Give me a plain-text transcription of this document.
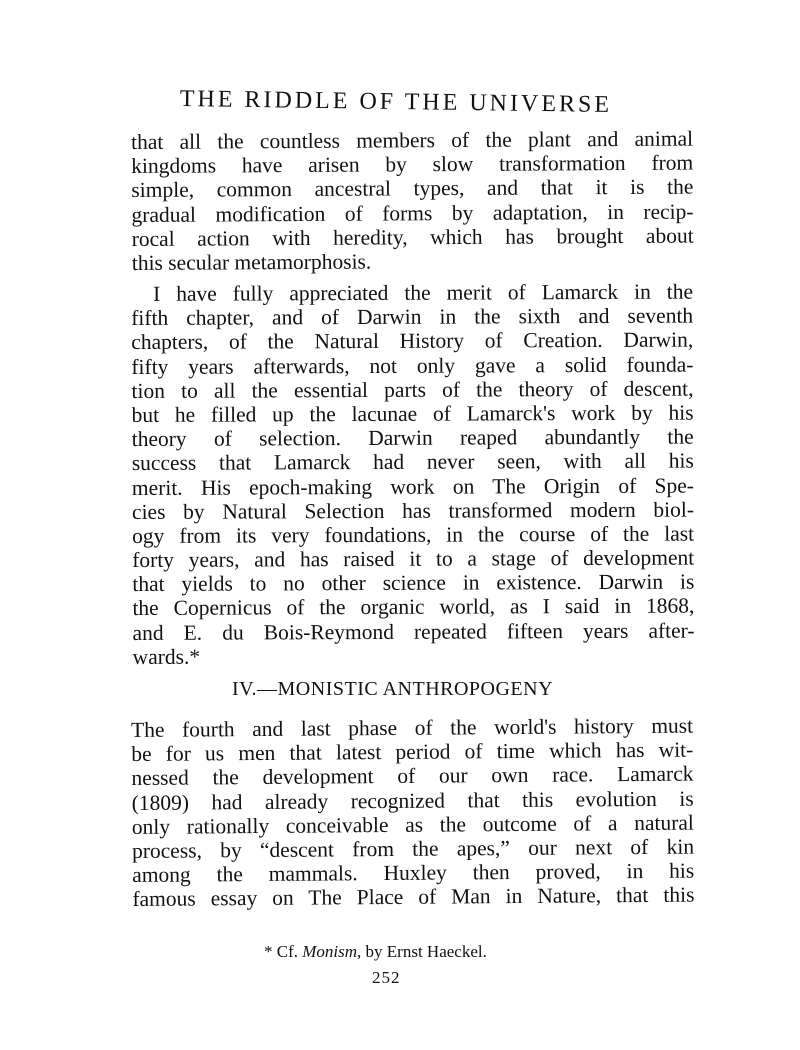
THE RIDDLE OF THE UNIVERSE
that all the countless members of the plant and animal
kingdoms have arisen by slow transformation from
simple, common ancestral types, and that it is the
gradual modification of forms by adaptation, in recip-
rocal action with heredity, which has brought about
this secular metamorphosis.
I have fully appreciated the merit of Lamarck in the
fifth chapter, and of Darwin in the sixth and seventh
chapters, of the Natural History of Creation. Darwin,
fifty years afterwards, not only gave a solid founda-
tion to all the essential parts of the theory of descent,
but he filled up the lacunae of Lamarck's work by his
theory of selection. Darwin reaped abundantly the
success that Lamarck had never seen, with all his
merit. His epoch-making work on The Origin of Spe-
cies by Natural Selection has transformed modern biol-
ogy from its very foundations, in the course of the last
forty years, and has raised it to a stage of development
that yields to no other science in existence. Darwin is
the Copernicus of the organic world, as I said in 1868,
and E. du Bois-Reymond repeated fifteen years after-
wards.*
IV.—MONISTIC ANTHROPOGENY
The fourth and last phase of the world's history must
be for us men that latest period of time which has wit-
nessed the development of our own race. Lamarck
(1809) had already recognized that this evolution is
only rationally conceivable as the outcome of a natural
process, by “descent from the apes,” our next of kin
among the mammals. Huxley then proved, in his
famous essay on The Place of Man in Nature, that this
* Cf. Monism, by Ernst Haeckel.
252
